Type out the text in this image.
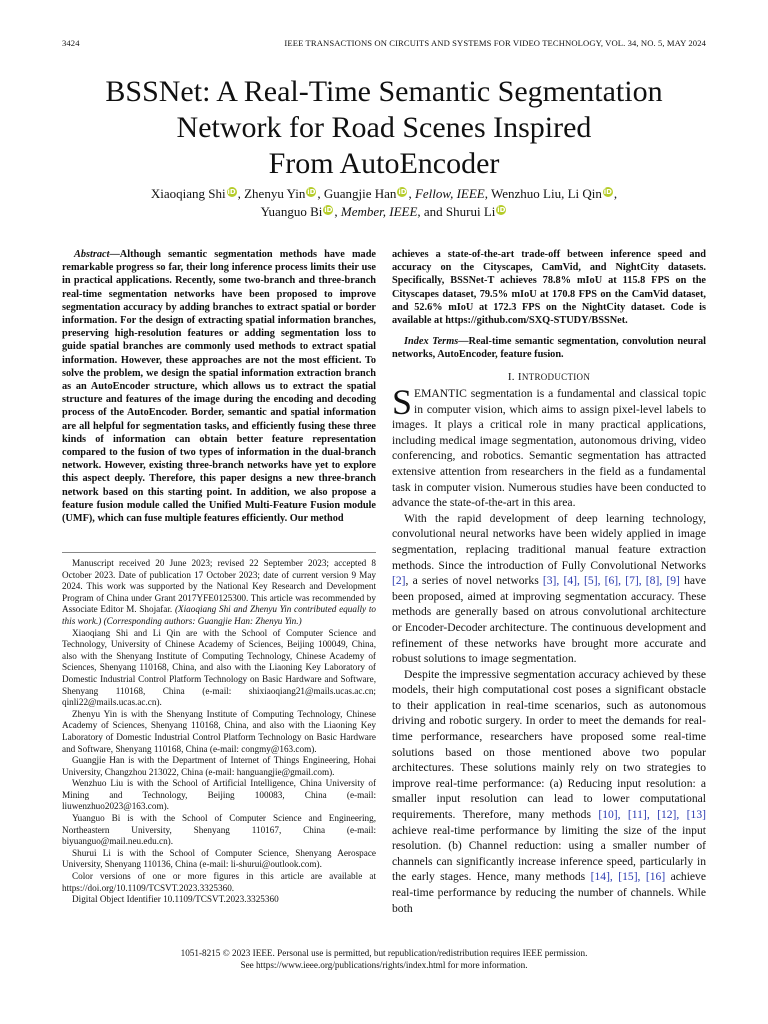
3424	IEEE TRANSACTIONS ON CIRCUITS AND SYSTEMS FOR VIDEO TECHNOLOGY, VOL. 34, NO. 5, MAY 2024
BSSNet: A Real-Time Semantic Segmentation
Network for Road Scenes Inspired
From AutoEncoder
Xiaoqiang Shi iD , Zhenyu Yin iD , Guangjie Han iD , Fellow, IEEE, Wenzhuo Liu, Li Qin iD ,
Yuanguo Bi iD , Member, IEEE, and Shurui Li iD
Abstract—Although semantic segmentation methods have made remarkable progress so far, their long inference process limits their use in practical applications. Recently, some two-branch and three-branch real-time segmentation networks have been proposed to improve segmentation accuracy by adding branches to extract spatial or border information. For the design of extracting spatial information branches, preserving high-resolution features or adding segmentation loss to guide spatial branches are commonly used methods to extract spatial information. However, these approaches are not the most efficient. To solve the problem, we design the spatial information extraction branch as an AutoEncoder structure, which allows us to extract the spatial structure and features of the image during the encoding and decoding process of the AutoEncoder. Border, semantic and spatial information are all helpful for segmentation tasks, and efficiently fusing these three kinds of information can obtain better feature representation compared to the fusion of two types of information in the dual-branch network. However, existing three-branch networks have yet to explore this aspect deeply. Therefore, this paper designs a new three-branch network based on this starting point. In addition, we also propose a feature fusion module called the Unified Multi-Feature Fusion module (UMF), which can fuse multiple features efficiently. Our method
achieves a state-of-the-art trade-off between inference speed and accuracy on the Cityscapes, CamVid, and NightCity datasets. Specifically, BSSNet-T achieves 78.8% mIoU at 115.8 FPS on the Cityscapes dataset, 79.5% mIoU at 170.8 FPS on the CamVid dataset, and 52.6% mIoU at 172.3 FPS on the NightCity dataset. Code is available at https://github.com/SXQ-STUDY/BSSNet.
Index Terms—Real-time semantic segmentation, convolution neural networks, AutoEncoder, feature fusion.
I. INTRODUCTION

SEMANTIC segmentation is a fundamental and classical topic in computer vision, which aims to assign pixel-level labels to images. It plays a critical role in many practical applications, including medical image segmentation, autonomous driving, video conferencing, and robotics. Semantic segmentation has attracted extensive attention from researchers in the field as a fundamental task in computer vision. Numerous studies have been conducted to advance the state-of-the-art in this area.

With the rapid development of deep learning technology, convolutional neural networks have been widely applied in image segmentation, replacing traditional manual feature extraction methods. Since the introduction of Fully Convolutional Networks [2], a series of novel networks [3], [4], [5], [6], [7], [8], [9] have been proposed, aimed at improving segmentation accuracy. These methods are generally based on atrous convolutional architecture or Encoder-Decoder architecture. The continuous development and refinement of these networks have brought more accurate and robust solutions to image segmentation.

Despite the impressive segmentation accuracy achieved by these models, their high computational cost poses a significant obstacle to their application in real-time scenarios, such as autonomous driving and robotic surgery. In order to meet the demands for real-time performance, researchers have proposed some real-time solutions based on those mentioned above two popular architectures. These solutions mainly rely on two strategies to improve real-time performance: (a) Reducing input resolution: a smaller input resolution can lead to lower computational requirements. Therefore, many methods [10], [11], [12], [13] achieve real-time performance by limiting the size of the input resolution. (b) Channel reduction: using a smaller number of channels can significantly increase inference speed, particularly in the early stages. Hence, many methods [14], [15], [16] achieve real-time performance by reducing the number of channels. While both

Manuscript received 20 June 2023; revised 22 September 2023; accepted 8 October 2023. Date of publication 17 October 2023; date of current version 9 May 2024. This work was supported by the National Key Research and Development Program of China under Grant 2017YFE0125300. This article was recommended by Associate Editor M. Shojafar. (Xiaoqiang Shi and Zhenyu Yin contributed equally to this work.) (Corresponding authors: Guangjie Han: Zhenyu Yin.)

Xiaoqiang Shi and Li Qin are with the School of Computer Science and Technology, University of Chinese Academy of Sciences, Beijing 100049, China, also with the Shenyang Institute of Computing Technology, Chinese Academy of Sciences, Shenyang 110168, China, and also with the Liaoning Key Laboratory of Domestic Industrial Control Platform Technology on Basic Hardware and Software, Shenyang 110168, China (e-mail: shixiaoqiang21@mails.ucas.ac.cn; qinli22@mails.ucas.ac.cn).

Zhenyu Yin is with the Shenyang Institute of Computing Technology, Chinese Academy of Sciences, Shenyang 110168, China, and also with the Liaoning Key Laboratory of Domestic Industrial Control Platform Technology on Basic Hardware and Software, Shenyang 110168, China (e-mail: congmy@163.com).

Guangjie Han is with the Department of Internet of Things Engineering, Hohai University, Changzhou 213022, China (e-mail: hanguangjie@gmail.com).

Wenzhuo Liu is with the School of Artificial Intelligence, China University of Mining and Technology, Beijing 100083, China (e-mail: liuwenzhuo2023@163.com).

Yuanguo Bi is with the School of Computer Science and Engineering, Northeastern University, Shenyang 110167, China (e-mail: biyuanguo@mail.neu.edu.cn).

Shurui Li is with the School of Computer Science, Shenyang Aerospace University, Shenyang 110136, China (e-mail: li-shurui@outlook.com).

Color versions of one or more figures in this article are available at https://doi.org/10.1109/TCSVT.2023.3325360.

Digital Object Identifier 10.1109/TCSVT.2023.3325360

1051-8215 © 2023 IEEE. Personal use is permitted, but republication/redistribution requires IEEE permission.
See https://www.ieee.org/publications/rights/index.html for more information.
